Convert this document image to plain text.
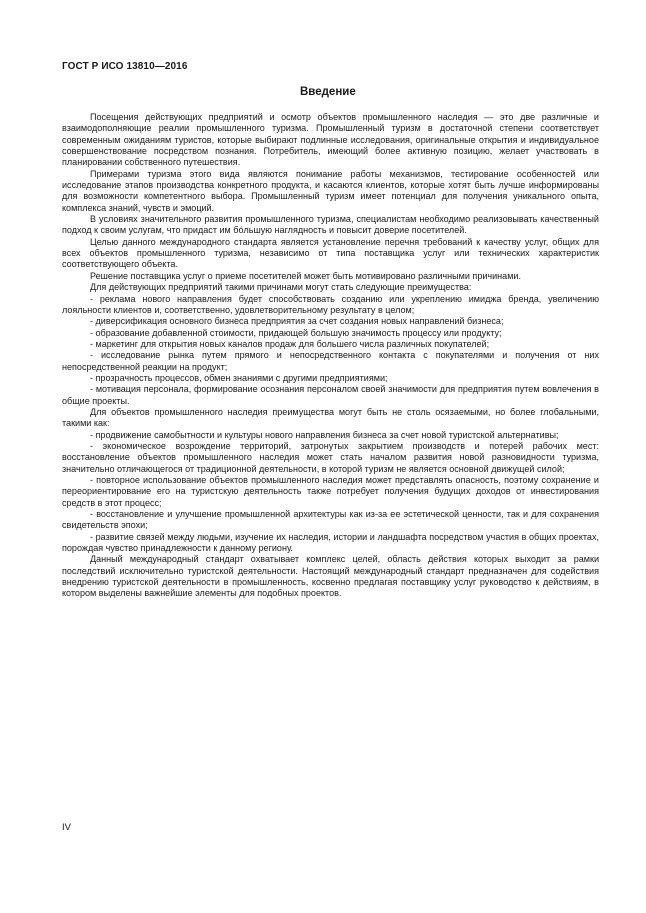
ГОСТ Р ИСО 13810—2016
Введение

Посещения действующих предприятий и осмотр объектов промышленного наследия — это две различные и взаимодополняющие реалии промышленного туризма. Промышленный туризм в достаточной степени соответствует современным ожиданиям туристов, которые выбирают подлинные исследования, оригинальные открытия и индивидуальное совершенствование посредством познания. Потребитель, имеющий более активную позицию, желает участвовать в планировании собственного путешествия.

Примерами туризма этого вида являются понимание работы механизмов, тестирование особенностей или исследование этапов производства конкретного продукта, и касаются клиентов, которые хотят быть лучше информированы для возможности компетентного выбора. Промышленный туризм имеет потенциал для получения уникального опыта, комплекса знаний, чувств и эмоций.

В условиях значительного развития промышленного туризма, специалистам необходимо реализовывать качественный подход к своим услугам, что придаст им бóльшую наглядность и повысит доверие посетителей.

Целью данного международного стандарта является установление перечня требований к качеству услуг, общих для всех объектов промышленного туризма, независимо от типа поставщика услуг или технических характеристик соответствующего объекта.

Решение поставщика услуг о приеме посетителей может быть мотивировано различными причинами.

Для действующих предприятий такими причинами могут стать следующие преимущества:

- реклама нового направления будет способствовать созданию или укреплению имиджа бренда, увеличению лояльности клиентов и, соответственно, удовлетворительному результату в целом;

- диверсификация основного бизнеса предприятия за счет создания новых направлений бизнеса;

- образование добавленной стоимости, придающей большую значимость процессу или продукту;

- маркетинг для открытия новых каналов продаж для большего числа различных покупателей;

- исследование рынка путем прямого и непосредственного контакта с покупателями и получения от них непосредственной реакции на продукт;

- прозрачность процессов, обмен знаниями с другими предприятиями;

- мотивация персонала, формирование осознания персоналом своей значимости для предприятия путем вовлечения в общие проекты.

Для объектов промышленного наследия преимущества могут быть не столь осязаемыми, но более глобальными, такими как:

- продвижение самобытности и культуры нового направления бизнеса за счет новой туристской альтернативы;

- экономическое возрождение территорий, затронутых закрытием производств и потерей рабочих мест: восстановление объектов промышленного наследия может стать началом развития новой разновидности туризма, значительно отличающегося от традиционной деятельности, в которой туризм не является основной движущей силой;

- повторное использование объектов промышленного наследия может представлять опасность, поэтому сохранение и переориентирование его на туристскую деятельность также потребует получения будущих доходов от инвестирования средств в этот процесс;

- восстановление и улучшение промышленной архитектуры как из-за ее эстетической ценности, так и для сохранения свидетельств эпохи;

- развитие связей между людьми, изучение их наследия, истории и ландшафта посредством участия в общих проектах, порождая чувство принадлежности к данному региону.

Данный международный стандарт охватывает комплекс целей, область действия которых выходит за рамки последствий исключительно туристской деятельности. Настоящий международный стандарт предназначен для содействия внедрению туристской деятельности в промышленность, косвенно предлагая поставщику услуг руководство к действиям, в котором выделены важнейшие элементы для подобных проектов.

IV
